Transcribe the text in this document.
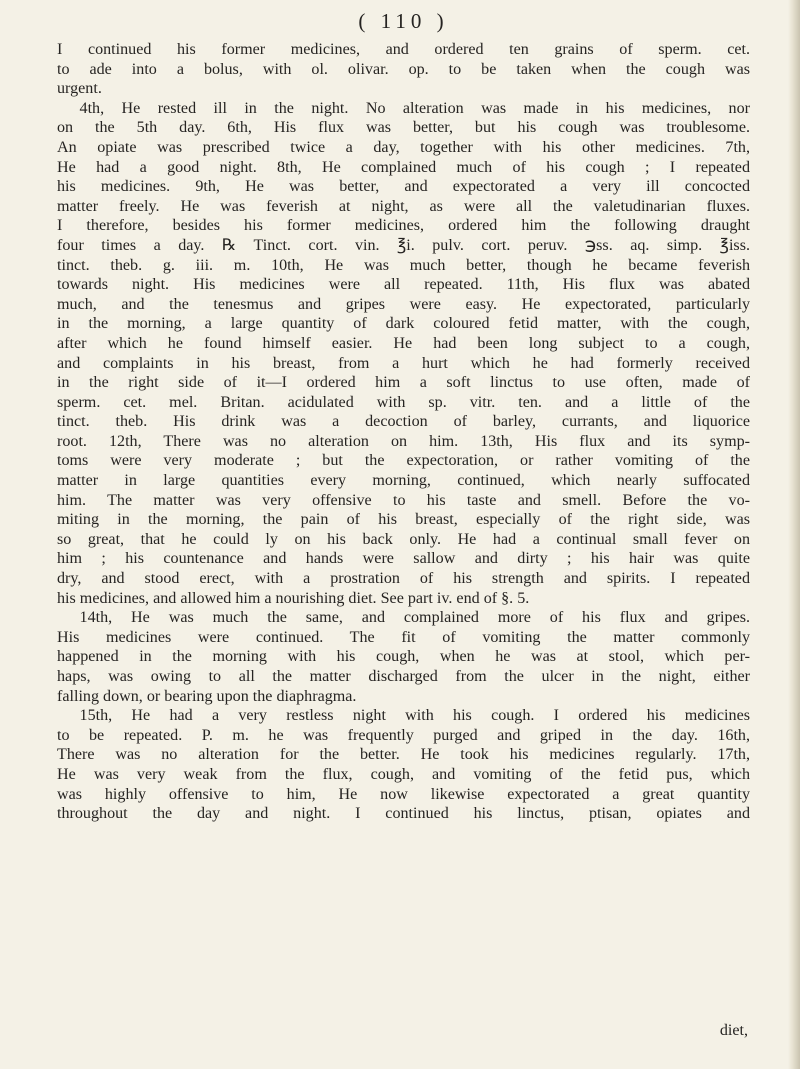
( 110 )
I continued his former medicines, and ordered ten grains of sperm. cet.
to ade into a bolus, with ol. olivar. op. to be taken when the cough was
urgent.
4th, He rested ill in the night. No alteration was made in his medicines, nor
on the 5th day. 6th, His flux was better, but his cough was troublesome.
An opiate was prescribed twice a day, together with his other medicines. 7th,
He had a good night. 8th, He complained much of his cough ; I repeated
his medicines. 9th, He was better, and expectorated a very ill concocted
matter freely. He was feverish at night, as were all the valetudinarian fluxes.
I therefore, besides his former medicines, ordered him the following draught
four times a day. ℞ Tinct. cort. vin. ℥i. pulv. cort. peruv. ℈ss. aq. simp. ℥iss.
tinct. theb. g. iii. m. 10th, He was much better, though he became feverish
towards night. His medicines were all repeated. 11th, His flux was abated
much, and the tenesmus and gripes were easy. He expectorated, particularly
in the morning, a large quantity of dark coloured fetid matter, with the cough,
after which he found himself easier. He had been long subject to a cough,
and complaints in his breast, from a hurt which he had formerly received
in the right side of it—I ordered him a soft linctus to use often, made of
sperm. cet. mel. Britan. acidulated with sp. vitr. ten. and a little of the
tinct. theb. His drink was a decoction of barley, currants, and liquorice
root. 12th, There was no alteration on him. 13th, His flux and its symp-
toms were very moderate ; but the expectoration, or rather vomiting of the
matter in large quantities every morning, continued, which nearly suffocated
him. The matter was very offensive to his taste and smell. Before the vo-
miting in the morning, the pain of his breast, especially of the right side, was
so great, that he could ly on his back only. He had a continual small fever on
him ; his countenance and hands were sallow and dirty ; his hair was quite
dry, and stood erect, with a prostration of his strength and spirits. I repeated
his medicines, and allowed him a nourishing diet. See part iv. end of §. 5.
14th, He was much the same, and complained more of his flux and gripes.
His medicines were continued. The fit of vomiting the matter commonly
happened in the morning with his cough, when he was at stool, which per-
haps, was owing to all the matter discharged from the ulcer in the night, either
falling down, or bearing upon the diaphragma.
15th, He had a very restless night with his cough. I ordered his medicines
to be repeated. P. m. he was frequently purged and griped in the day. 16th,
There was no alteration for the better. He took his medicines regularly. 17th,
He was very weak from the flux, cough, and vomiting of the fetid pus, which
was highly offensive to him, He now likewise expectorated a great quantity
throughout the day and night. I continued his linctus, ptisan, opiates and
diet,
